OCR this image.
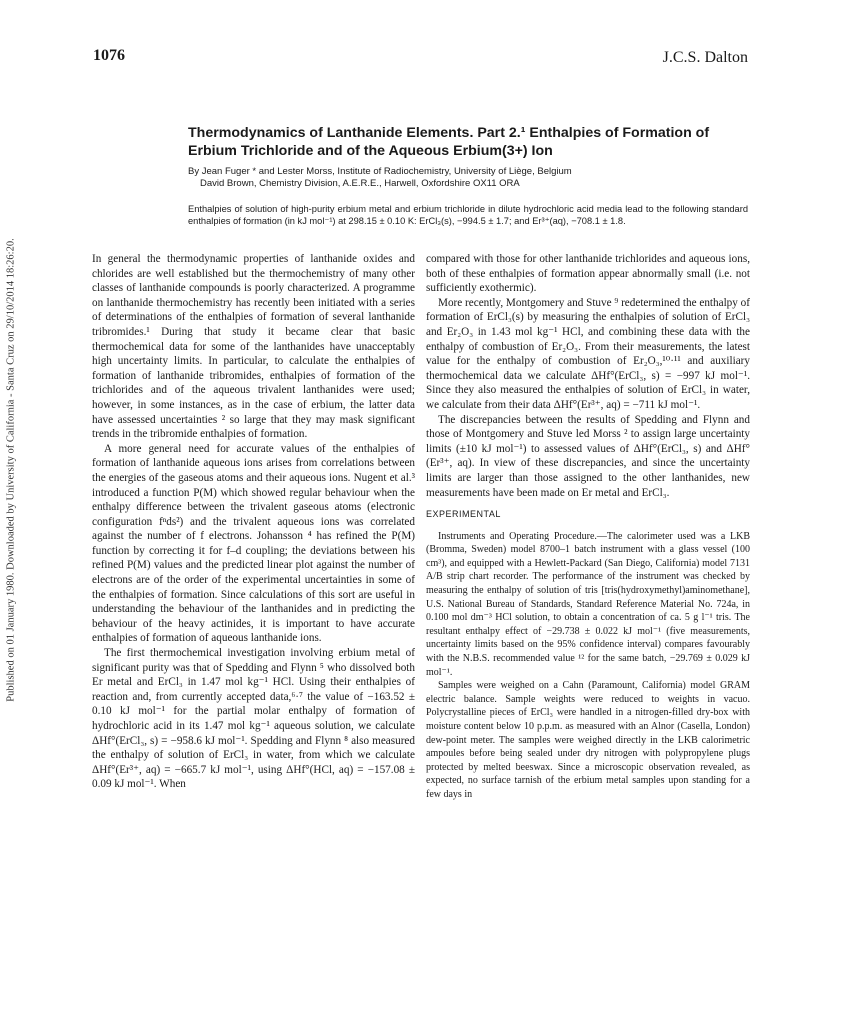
Published on 01 January 1980. Downloaded by University of California - Santa Cruz on 29/10/2014 18:26:20.
1076	J.C.S. Dalton
Thermodynamics of Lanthanide Elements. Part 2.¹ Enthalpies of Formation of Erbium Trichloride and of the Aqueous Erbium(3+) Ion

By Jean Fuger * and Lester Morss, Institute of Radiochemistry, University of Liège, Belgium

David Brown, Chemistry Division, A.E.R.E., Harwell, Oxfordshire OX11 ORA

Enthalpies of solution of high-purity erbium metal and erbium trichloride in dilute hydrochloric acid media lead to the following standard enthalpies of formation (in kJ mol⁻¹) at 298.15 ± 0.10 K: ErCl₃(s), −994.5 ± 1.7; and Er³⁺(aq), −708.1 ± 1.8.

In general the thermodynamic properties of lanthanide oxides and chlorides are well established but the thermochemistry of many other classes of lanthanide compounds is poorly characterized. A programme on lanthanide thermochemistry has recently been initiated with a series of determinations of the enthalpies of formation of several lanthanide tribromides.¹ During that study it became clear that basic thermochemical data for some of the lanthanides have unacceptably high uncertainty limits. In particular, to calculate the enthalpies of formation of lanthanide tribromides, enthalpies of formation of the trichlorides and of the aqueous trivalent lanthanides were used; however, in some instances, as in the case of erbium, the latter data have assessed uncertainties ² so large that they may mask significant trends in the tribromide enthalpies of formation.

A more general need for accurate values of the enthalpies of formation of lanthanide aqueous ions arises from correlations between the energies of the gaseous atoms and their aqueous ions. Nugent et al.³ introduced a function P(M) which showed regular behaviour when the enthalpy difference between the trivalent gaseous atoms (electronic configuration fⁿds²) and the trivalent aqueous ions was correlated against the number of f electrons. Johansson ⁴ has refined the P(M) function by correcting it for f–d coupling; the deviations between his refined P(M) values and the predicted linear plot against the number of electrons are of the order of the experimental uncertainties in some of the enthalpies of formation. Since calculations of this sort are useful in understanding the behaviour of the lanthanides and in predicting the behaviour of the heavy actinides, it is important to have accurate enthalpies of formation of aqueous lanthanide ions.

The first thermochemical investigation involving erbium metal of significant purity was that of Spedding and Flynn ⁵ who dissolved both Er metal and ErCl₃ in 1.47 mol kg⁻¹ HCl. Using their enthalpies of reaction and, from currently accepted data,⁶·⁷ the value of −163.52 ± 0.10 kJ mol⁻¹ for the partial molar enthalpy of formation of hydrochloric acid in its 1.47 mol kg⁻¹ aqueous solution, we calculate ΔHf°(ErCl₃, s) = −958.6 kJ mol⁻¹. Spedding and Flynn ⁸ also measured the enthalpy of solution of ErCl₃ in water, from which we calculate ΔHf°(Er³⁺, aq) = −665.7 kJ mol⁻¹, using ΔHf°(HCl, aq) = −157.08 ± 0.09 kJ mol⁻¹. When

compared with those for other lanthanide trichlorides and aqueous ions, both of these enthalpies of formation appear abnormally small (i.e. not sufficiently exothermic).

More recently, Montgomery and Stuve ⁹ redetermined the enthalpy of formation of ErCl₃(s) by measuring the enthalpies of solution of ErCl₃ and Er₂O₃ in 1.43 mol kg⁻¹ HCl, and combining these data with the enthalpy of combustion of Er₂O₃. From their measurements, the latest value for the enthalpy of combustion of Er₂O₃,¹⁰·¹¹ and auxiliary thermochemical data we calculate ΔHf°(ErCl₃, s) = −997 kJ mol⁻¹. Since they also measured the enthalpies of solution of ErCl₃ in water, we calculate from their data ΔHf°(Er³⁺, aq) = −711 kJ mol⁻¹.

The discrepancies between the results of Spedding and Flynn and those of Montgomery and Stuve led Morss ² to assign large uncertainty limits (±10 kJ mol⁻¹) to assessed values of ΔHf°(ErCl₃, s) and ΔHf°(Er³⁺, aq). In view of these discrepancies, and since the uncertainty limits are larger than those assigned to the other lanthanides, new measurements have been made on Er metal and ErCl₃.

EXPERIMENTAL

Instruments and Operating Procedure.—The calorimeter used was a LKB (Bromma, Sweden) model 8700–1 batch instrument with a glass vessel (100 cm³), and equipped with a Hewlett-Packard (San Diego, California) model 7131 A/B strip chart recorder. The performance of the instrument was checked by measuring the enthalpy of solution of tris [tris(hydroxymethyl)aminomethane], U.S. National Bureau of Standards, Standard Reference Material No. 724a, in 0.100 mol dm⁻³ HCl solution, to obtain a concentration of ca. 5 g l⁻¹ tris. The resultant enthalpy effect of −29.738 ± 0.022 kJ mol⁻¹ (five measurements, uncertainty limits based on the 95% confidence interval) compares favourably with the N.B.S. recommended value ¹² for the same batch, −29.769 ± 0.029 kJ mol⁻¹.

Samples were weighed on a Cahn (Paramount, California) model GRAM electric balance. Sample weights were reduced to weights in vacuo. Polycrystalline pieces of ErCl₃ were handled in a nitrogen-filled dry-box with moisture content below 10 p.p.m. as measured with an Alnor (Casella, London) dew-point meter. The samples were weighed directly in the LKB calorimetric ampoules before being sealed under dry nitrogen with polypropylene plugs protected by melted beeswax. Since a microscopic observation revealed, as expected, no surface tarnish of the erbium metal samples upon standing for a few days in
